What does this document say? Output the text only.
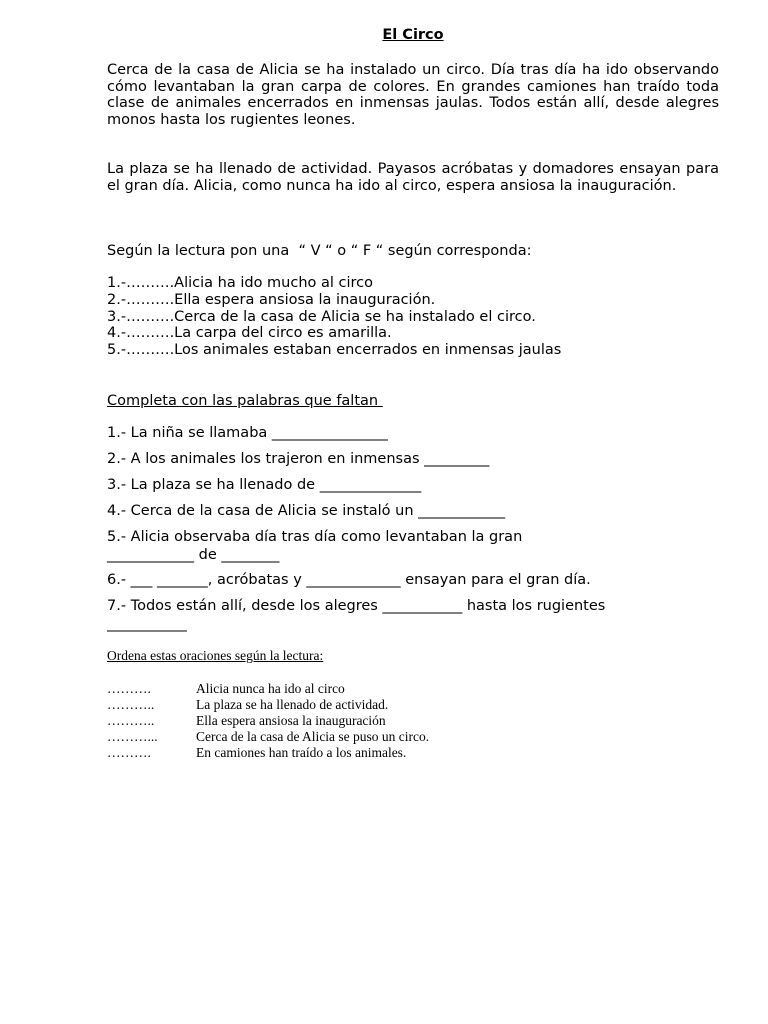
El Circo

Cerca de la casa de Alicia se ha instalado un circo. Día tras día ha ido observando cómo levantaban la gran carpa de colores. En grandes camiones han traído toda clase de animales encerrados en inmensas jaulas. Todos están allí, desde alegres monos hasta los rugientes leones.

La plaza se ha llenado de actividad. Payasos acróbatas y domadores ensayan para el gran día. Alicia, como nunca ha ido al circo, espera ansiosa la inauguración.

Según la lectura pon una  “ V “ o “ F “ según corresponda:
1.-……….Alicia ha ido mucho al circo
2.-……….Ella espera ansiosa la inauguración.
3.-……….Cerca de la casa de Alicia se ha instalado el circo.
4.-……….La carpa del circo es amarilla.
5.-……….Los animales estaban encerrados en inmensas jaulas
Completa con las palabras que faltan
1.- La niña se llamaba ________________
2.- A los animales los trajeron en inmensas _________
3.- La plaza se ha llenado de ______________
4.- Cerca de la casa de Alicia se instaló un ____________
5.- Alicia observaba día tras día como levantaban la gran
____________ de ________
6.- ___ _______, acróbatas y _____________ ensayan para el gran día.
7.- Todos están allí, desde los alegres ___________ hasta los rugientes
___________
Ordena estas oraciones según la lectura:
……….	Alicia nunca ha ido al circo
………..	La plaza se ha llenado de actividad.
………..	Ella espera ansiosa la inauguración
………...	Cerca de la casa de Alicia se puso un circo.
……….	En camiones han traído a los animales.
